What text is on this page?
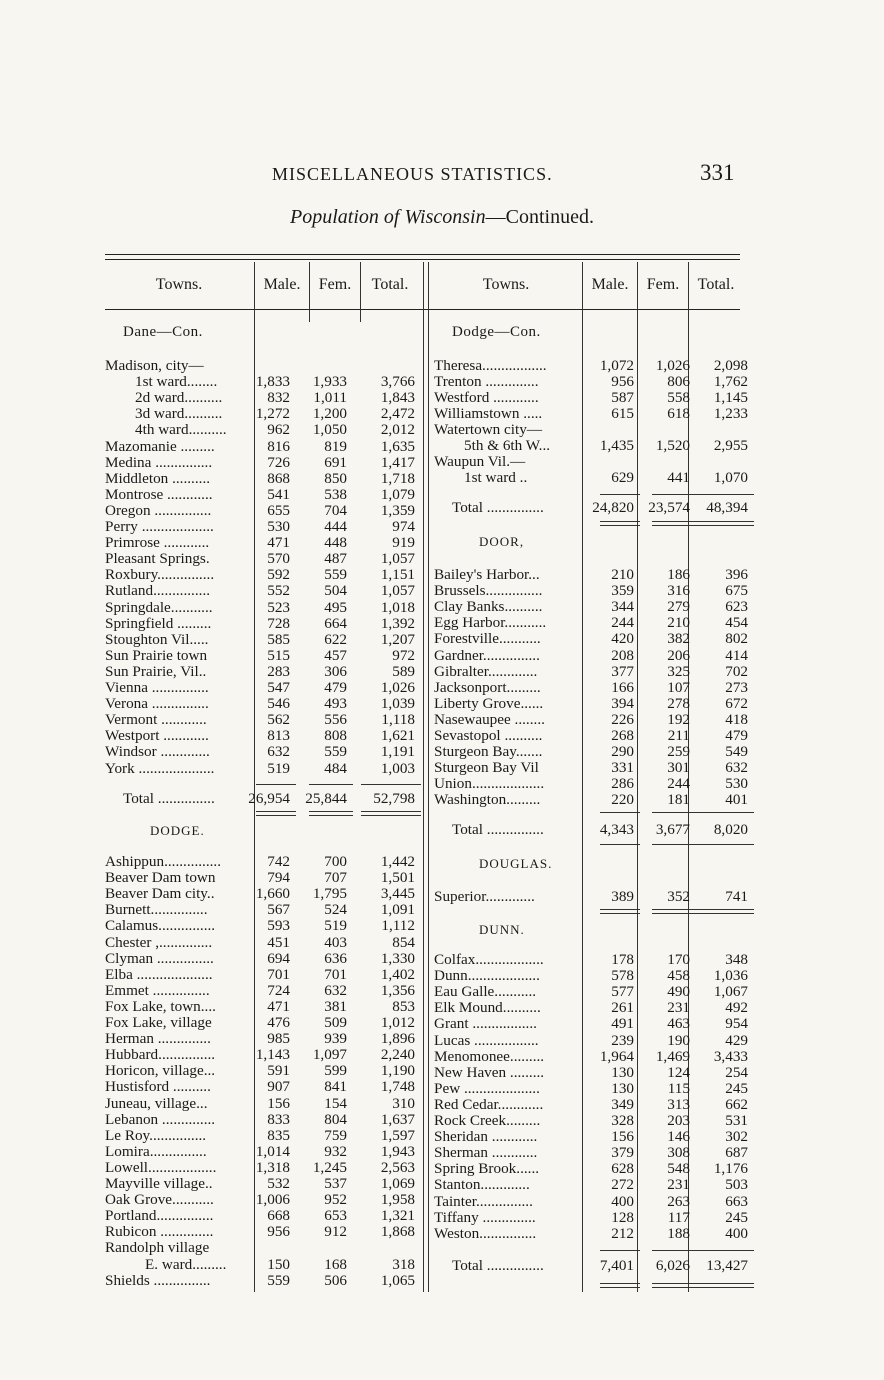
MISCELLANEOUS STATISTICS.	331
Population of Wisconsin—Continued.
Towns.	Male.	Fem.	Total.	Towns.	Male.	Fem.	Total.
Dane—Con.
Madison, city—
1st ward........	1,833	1,933	3,766
2d ward..........	832	1,011	1,843
3d ward..........	1,272	1,200	2,472
4th ward..........	962	1,050	2,012
Mazomanie .........	816	819	1,635
Medina ...............	726	691	1,417
Middleton ..........	868	850	1,718
Montrose ............	541	538	1,079
Oregon ...............	655	704	1,359
Perry ...................	530	444	974
Primrose ............	471	448	919
Pleasant Springs.	570	487	1,057
Roxbury...............	592	559	1,151
Rutland...............	552	504	1,057
Springdale...........	523	495	1,018
Springfield .........	728	664	1,392
Stoughton Vil.....	585	622	1,207
Sun Prairie town	515	457	972
Sun Prairie, Vil..	283	306	589
Vienna ...............	547	479	1,026
Verona ...............	546	493	1,039
Vermont ............	562	556	1,118
Westport ............	813	808	1,621
Windsor .............	632	559	1,191
York ....................	519	484	1,003
Total ...............	26,954	25,844	52,798
DODGE.
Ashippun...............	742	700	1,442
Beaver Dam town	794	707	1,501
Beaver Dam city..	1,660	1,795	3,445
Burnett...............	567	524	1,091
Calamus...............	593	519	1,112
Chester ,..............	451	403	854
Clyman ...............	694	636	1,330
Elba ....................	701	701	1,402
Emmet ...............	724	632	1,356
Fox Lake, town....	471	381	853
Fox Lake, village	476	509	1,012
Herman ..............	985	939	1,896
Hubbard...............	1,143	1,097	2,240
Horicon, village...	591	599	1,190
Hustisford ..........	907	841	1,748
Juneau, village...	156	154	310
Lebanon ..............	833	804	1,637
Le Roy...............	835	759	1,597
Lomira...............	1,014	932	1,943
Lowell..................	1,318	1,245	2,563
Mayville village..	532	537	1,069
Oak Grove...........	1,006	952	1,958
Portland...............	668	653	1,321
Rubicon ..............	956	912	1,868
Randolph village
E. ward.........	150	168	318
Shields ...............	559	506	1,065
Dodge—Con.
Theresa.................	1,072	1,026	2,098
Trenton ..............	956	806	1,762
Westford ............	587	558	1,145
Williamstown .....	615	618	1,233
Watertown city—
5th & 6th W...	1,435	1,520	2,955
Waupun Vil.—
1st ward ..	629	441	1,070
Total ...............	24,820 23,574	48,394
DOOR,
Bailey's Harbor...	210	186	396
Brussels...............	359	316	675
Clay Banks..........	344	279	623
Egg Harbor...........	244	210	454
Forestville...........	420	382	802
Gardner...............	208	206	414
Gibralter.............	377	325	702
Jacksonport.........	166	107	273
Liberty Grove......	394	278	672
Nasewaupee ........	226	192	418
Sevastopol ..........	268	211	479
Sturgeon Bay.......	290	259	549
Sturgeon Bay Vil	331	301	632
Union...................	286	244	530
Washington.........	220	181	401
Total ...............	4,343	3,677	8,020
DOUGLAS.
Superior.............	389	352	741
DUNN.
Colfax..................	178	170	348
Dunn...................	578	458	1,036
Eau Galle...........	577	490	1,067
Elk Mound..........	261	231	492
Grant .................	491	463	954
Lucas .................	239	190	429
Menomonee.........	1,964	1,469	3,433
New Haven .........	130	124	254
Pew ....................	130	115	245
Red Cedar............	349	313	662
Rock Creek.........	328	203	531
Sheridan ............	156	146	302
Sherman ............	379	308	687
Spring Brook......	628	548	1,176
Stanton.............	272	231	503
Tainter...............	400	263	663
Tiffany ..............	128	117	245
Weston...............	212	188	400
Total ...............	7,401	6,026	13,427
